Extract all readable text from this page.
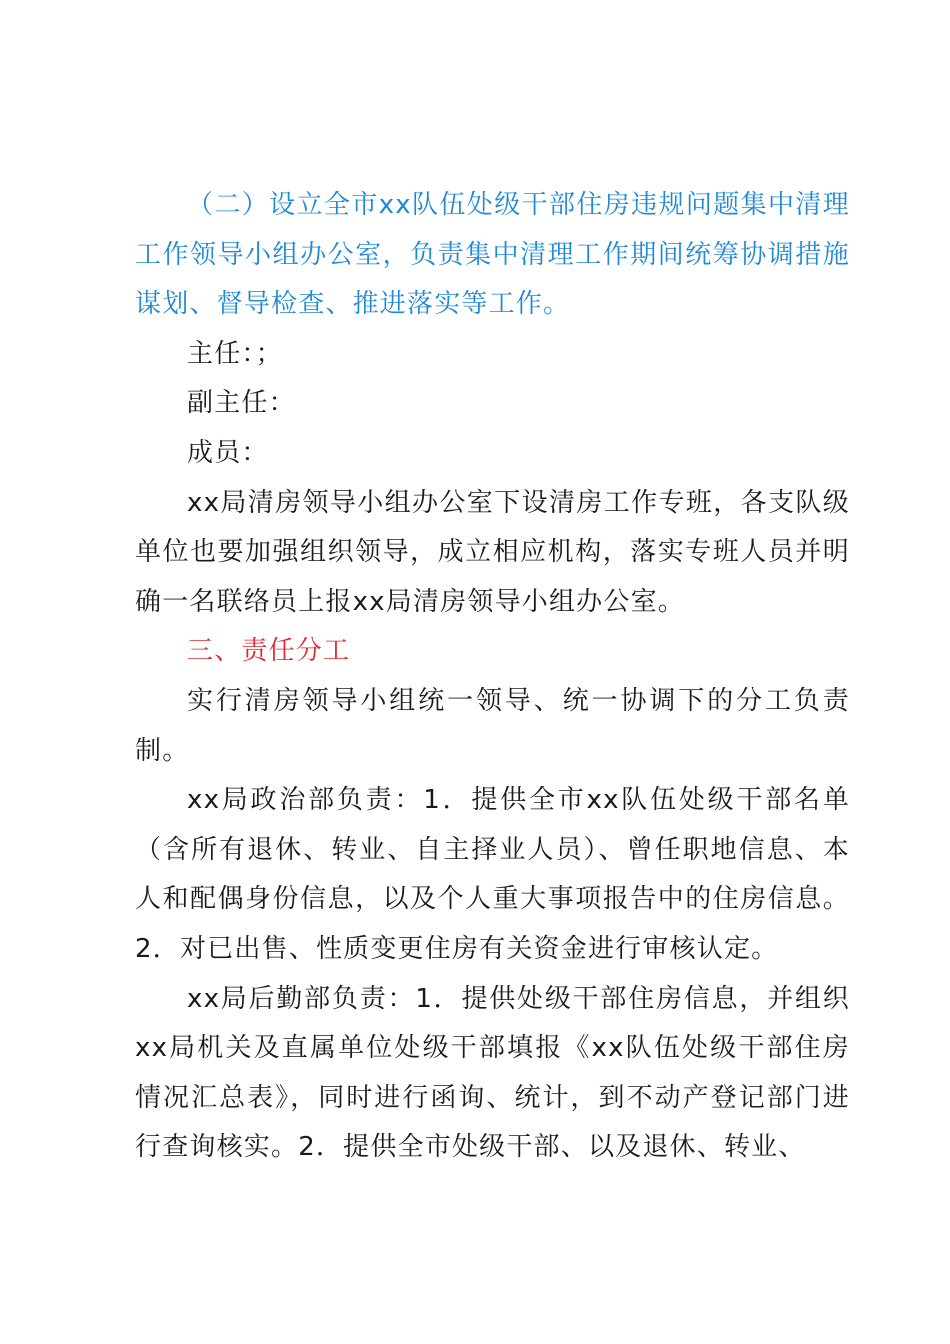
（二）设立全市xx队伍处级干部住房违规问题集中清理工作领导小组办公室，负责集中清理工作期间统筹协调措施谋划、督导检查、推进落实等工作。

主任：；

副主任：

成员：

xx局清房领导小组办公室下设清房工作专班，各支队级单位也要加强组织领导，成立相应机构，落实专班人员并明确一名联络员上报xx局清房领导小组办公室。

三、责任分工

实行清房领导小组统一领导、统一协调下的分工负责制。

xx局政治部负责：1．提供全市xx队伍处级干部名单（含所有退休、转业、自主择业人员）、曾任职地信息、本人和配偶身份信息，以及个人重大事项报告中的住房信息。2．对已出售、性质变更住房有关资金进行审核认定。

xx局后勤部负责：1．提供处级干部住房信息，并组织xx局机关及直属单位处级干部填报《xx队伍处级干部住房情况汇总表》，同时进行函询、统计，到不动产登记部门进行查询核实。2．提供全市处级干部、以及退休、转业、
